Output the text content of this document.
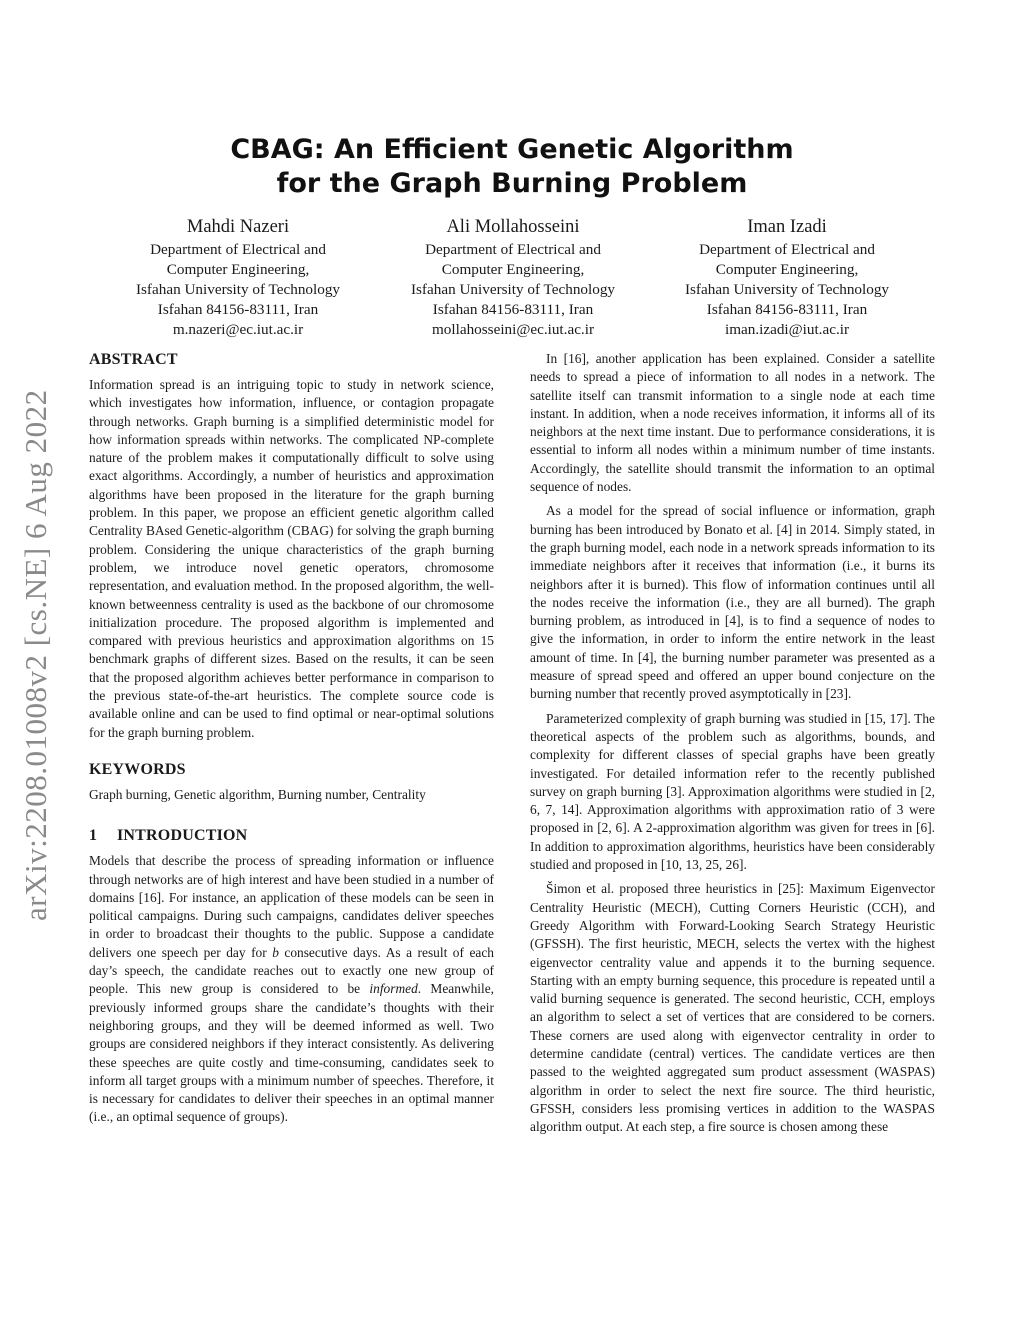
arXiv:2208.01008v2 [cs.NE] 6 Aug 2022
CBAG: An Efficient Genetic Algorithm
for the Graph Burning Problem
Mahdi Nazeri
Department of Electrical and
Computer Engineering,
Isfahan University of Technology
Isfahan 84156-83111, Iran
m.nazeri@ec.iut.ac.ir
Ali Mollahosseini
Department of Electrical and
Computer Engineering,
Isfahan University of Technology
Isfahan 84156-83111, Iran
mollahosseini@ec.iut.ac.ir
Iman Izadi
Department of Electrical and
Computer Engineering,
Isfahan University of Technology
Isfahan 84156-83111, Iran
iman.izadi@iut.ac.ir
ABSTRACT

Information spread is an intriguing topic to study in network science, which investigates how information, influence, or contagion propagate through networks. Graph burning is a simplified deterministic model for how information spreads within networks. The complicated NP-complete nature of the problem makes it computationally difficult to solve using exact algorithms. Accordingly, a number of heuristics and approximation algorithms have been proposed in the literature for the graph burning problem. In this paper, we propose an efficient genetic algorithm called Centrality BAsed Genetic-algorithm (CBAG) for solving the graph burning problem. Considering the unique characteristics of the graph burning problem, we introduce novel genetic operators, chromosome representation, and evaluation method. In the proposed algorithm, the well-known betweenness centrality is used as the backbone of our chromosome initialization procedure. The proposed algorithm is implemented and compared with previous heuristics and approximation algorithms on 15 benchmark graphs of different sizes. Based on the results, it can be seen that the proposed algorithm achieves better performance in comparison to the previous state-of-the-art heuristics. The complete source code is available online and can be used to find optimal or near-optimal solutions for the graph burning problem.

KEYWORDS

Graph burning, Genetic algorithm, Burning number, Centrality

1 INTRODUCTION

Models that describe the process of spreading information or influence through networks are of high interest and have been studied in a number of domains [16]. For instance, an application of these models can be seen in political campaigns. During such campaigns, candidates deliver speeches in order to broadcast their thoughts to the public. Suppose a candidate delivers one speech per day for b consecutive days. As a result of each day’s speech, the candidate reaches out to exactly one new group of people. This new group is considered to be informed. Meanwhile, previously informed groups share the candidate’s thoughts with their neighboring groups, and they will be deemed informed as well. Two groups are considered neighbors if they interact consistently. As delivering these speeches are quite costly and time-consuming, candidates seek to inform all target groups with a minimum number of speeches. Therefore, it is necessary for candidates to deliver their speeches in an optimal manner (i.e., an optimal sequence of groups).

In [16], another application has been explained. Consider a satellite needs to spread a piece of information to all nodes in a network. The satellite itself can transmit information to a single node at each time instant. In addition, when a node receives information, it informs all of its neighbors at the next time instant. Due to performance considerations, it is essential to inform all nodes within a minimum number of time instants. Accordingly, the satellite should transmit the information to an optimal sequence of nodes.

As a model for the spread of social influence or information, graph burning has been introduced by Bonato et al. [4] in 2014. Simply stated, in the graph burning model, each node in a network spreads information to its immediate neighbors after it receives that information (i.e., it burns its neighbors after it is burned). This flow of information continues until all the nodes receive the information (i.e., they are all burned). The graph burning problem, as introduced in [4], is to find a sequence of nodes to give the information, in order to inform the entire network in the least amount of time. In [4], the burning number parameter was presented as a measure of spread speed and offered an upper bound conjecture on the burning number that recently proved asymptotically in [23].

Parameterized complexity of graph burning was studied in [15, 17]. The theoretical aspects of the problem such as algorithms, bounds, and complexity for different classes of special graphs have been greatly investigated. For detailed information refer to the recently published survey on graph burning [3]. Approximation algorithms were studied in [2, 6, 7, 14]. Approximation algorithms with approximation ratio of 3 were proposed in [2, 6]. A 2-approximation algorithm was given for trees in [6]. In addition to approximation algorithms, heuristics have been considerably studied and proposed in [10, 13, 25, 26].

Šimon et al. proposed three heuristics in [25]: Maximum Eigenvector Centrality Heuristic (MECH), Cutting Corners Heuristic (CCH), and Greedy Algorithm with Forward-Looking Search Strategy Heuristic (GFSSH). The first heuristic, MECH, selects the vertex with the highest eigenvector centrality value and appends it to the burning sequence. Starting with an empty burning sequence, this procedure is repeated until a valid burning sequence is generated. The second heuristic, CCH, employs an algorithm to select a set of vertices that are considered to be corners. These corners are used along with eigenvector centrality in order to determine candidate (central) vertices. The candidate vertices are then passed to the weighted aggregated sum product assessment (WASPAS) algorithm in order to select the next fire source. The third heuristic, GFSSH, considers less promising vertices in addition to the WASPAS algorithm output. At each step, a fire source is chosen among these
